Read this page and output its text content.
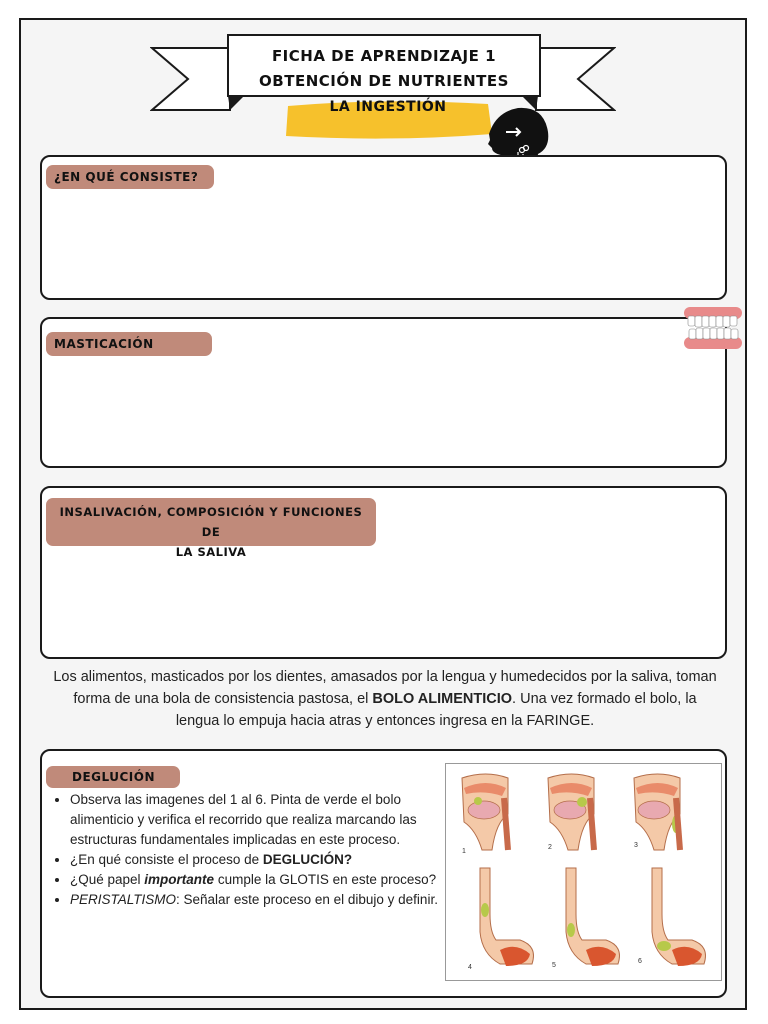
FICHA DE APRENDIZAJE 1
OBTENCIÓN DE NUTRIENTES
LA INGESTIÓN
¿EN QUÉ CONSISTE?
MASTICACIÓN
INSALIVACIÓN, COMPOSICIÓN Y FUNCIONES DE
LA SALIVA
Los alimentos, masticados por los dientes, amasados por la lengua y humedecidos por la saliva, toman forma de una bola de consistencia pastosa, el BOLO ALIMENTICIO. Una vez formado el bolo, la lengua lo empuja hacia atras y entonces ingresa en la FARINGE.
DEGLUCIÓN
• Observa las imagenes del 1 al 6. Pinta de verde el bolo alimenticio y verifica el recorrido que realiza marcando las estructuras fundamentales implicadas en este proceso.
• ¿En qué consiste el proceso de DEGLUCIÓN?
• ¿Qué papel importante cumple la GLOTIS en este proceso?
• PERISTALTISMO: Señalar este proceso en el dibujo y definir.
1
2	3
4	5
6
